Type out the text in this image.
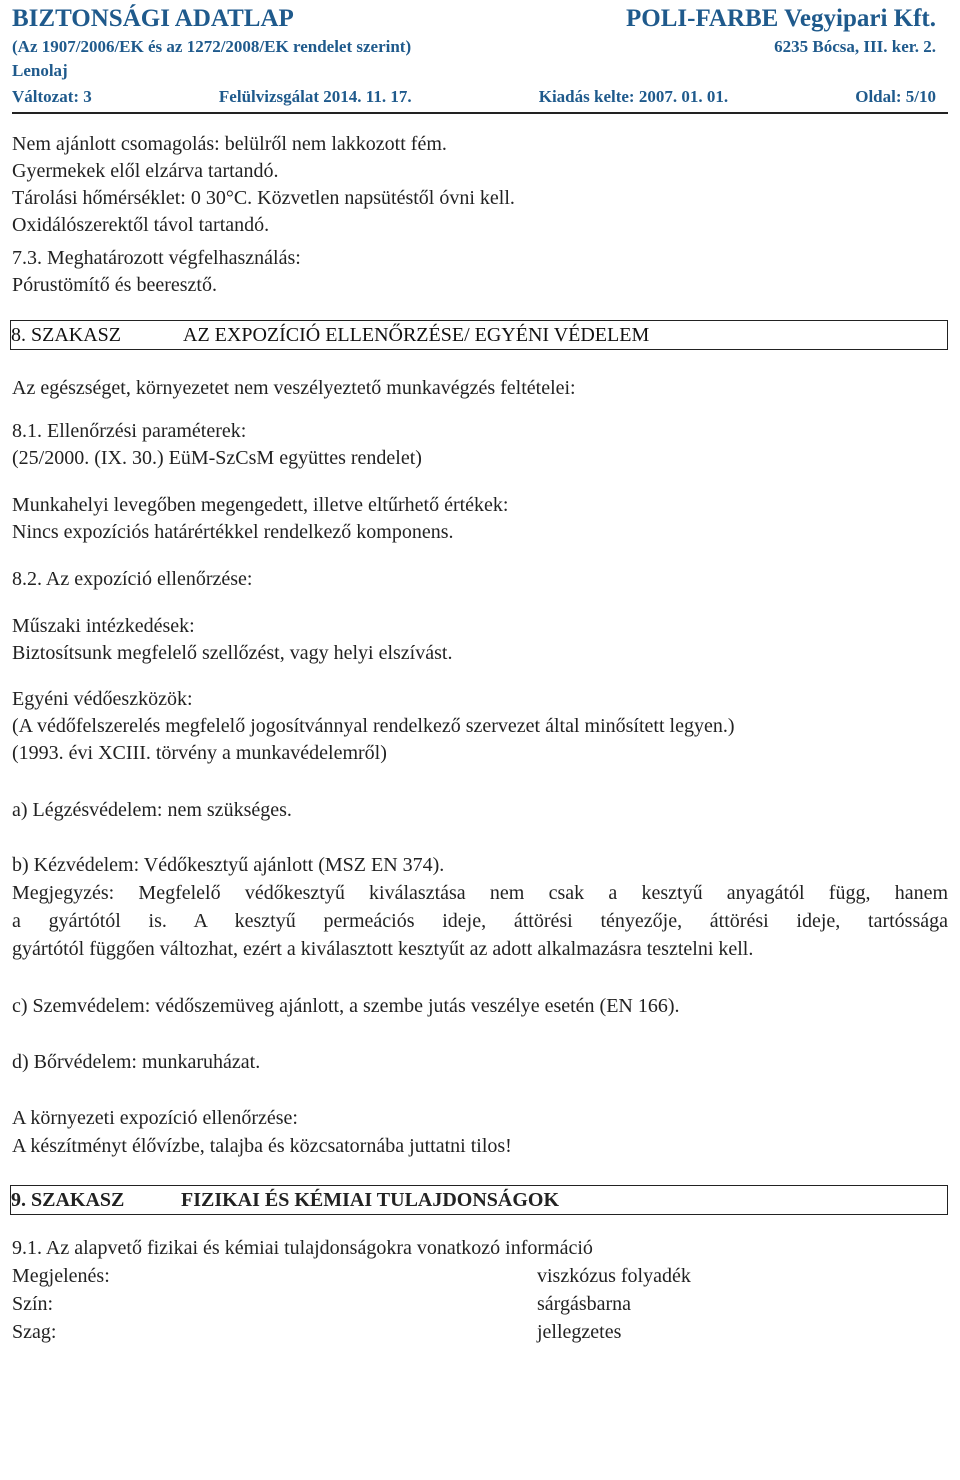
BIZTONSÁGI ADATLAP	POLI-FARBE Vegyipari Kft.
(Az 1907/2006/EK és az 1272/2008/EK rendelet szerint)	6235 Bócsa, III. ker. 2.
Lenolaj
Változat: 3	Felülvizsgálat 2014. 11. 17.	Kiadás kelte: 2007. 01. 01.	Oldal: 5/10
Nem ajánlott csomagolás: belülről nem lakkozott fém.
Gyermekek elől elzárva tartandó.
Tárolási hőmérséklet: 0 30°C. Közvetlen napsütéstől óvni kell.
Oxidálószerektől távol tartandó.
7.3. Meghatározott végfelhasználás:
Pórustömítő és beeresztő.
8. SZAKASZ	AZ EXPOZÍCIÓ ELLENŐRZÉSE/ EGYÉNI VÉDELEM
Az egészséget, környezetet nem veszélyeztető munkavégzés feltételei:
8.1. Ellenőrzési paraméterek:
(25/2000. (IX. 30.) EüM-SzCsM együttes rendelet)
Munkahelyi levegőben megengedett, illetve eltűrhető értékek:
Nincs expozíciós határértékkel rendelkező komponens.
8.2. Az expozíció ellenőrzése:
Műszaki intézkedések:
Biztosítsunk megfelelő szellőzést, vagy helyi elszívást.
Egyéni védőeszközök:
(A védőfelszerelés megfelelő jogosítvánnyal rendelkező szervezet által minősített legyen.)
(1993. évi XCIII. törvény a munkavédelemről)
a) Légzésvédelem: nem szükséges.
b) Kézvédelem: Védőkesztyű ajánlott (MSZ EN 374).
Megjegyzés: Megfelelő védőkesztyű kiválasztása nem csak a kesztyű anyagától függ, hanem
a gyártótól is. A kesztyű permeációs ideje, áttörési tényezője, áttörési ideje, tartóssága
gyártótól függően változhat, ezért a kiválasztott kesztyűt az adott alkalmazásra tesztelni kell.
c) Szemvédelem: védőszemüveg ajánlott, a szembe jutás veszélye esetén (EN 166).
d) Bőrvédelem: munkaruházat.
A környezeti expozíció ellenőrzése:
A készítményt élővízbe, talajba és közcsatornába juttatni tilos!
9. SZAKASZ	FIZIKAI ÉS KÉMIAI TULAJDONSÁGOK
9.1. Az alapvető fizikai és kémiai tulajdonságokra vonatkozó információ
Megjelenés:	viszkózus folyadék
Szín:	sárgásbarna
Szag:	jellegzetes
